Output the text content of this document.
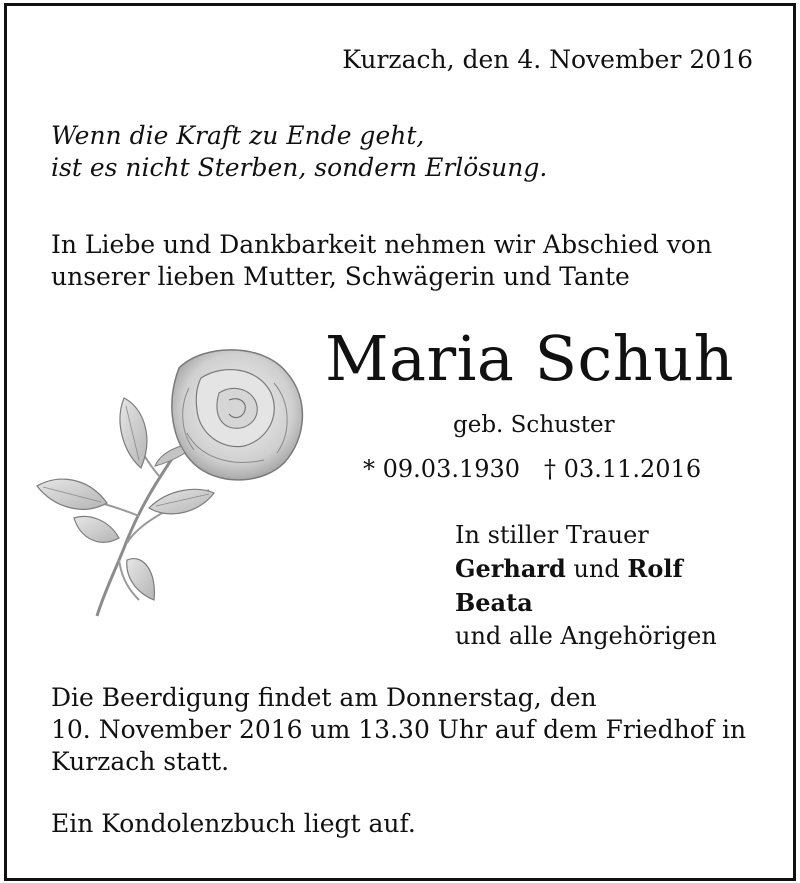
Kurzach, den 4. November 2016
Wenn die Kraft zu Ende geht,
ist es nicht Sterben, sondern Erlösung.
In Liebe und Dankbarkeit nehmen wir Abschied von
unserer lieben Mutter, Schwägerin und Tante
Maria Schuh
geb. Schuster
* 09.03.1930 † 03.11.2016
In stiller Trauer
Gerhard und Rolf
Beata
und alle Angehörigen
Die Beerdigung findet am Donnerstag, den
10. November 2016 um 13.30 Uhr auf dem Friedhof in
Kurzach statt.
Ein Kondolenzbuch liegt auf.
